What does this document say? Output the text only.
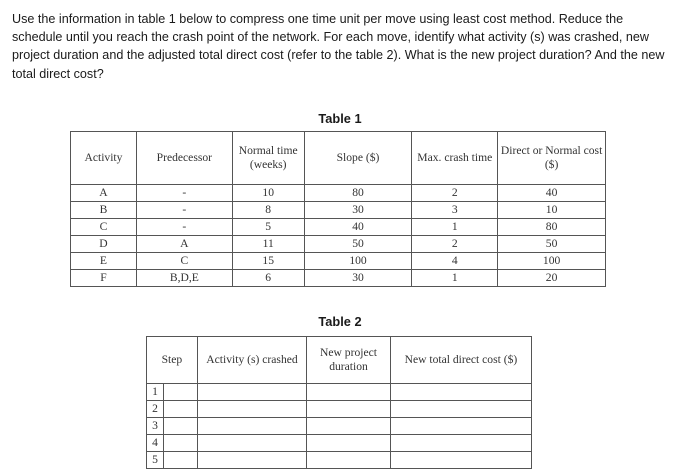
Use the information in table 1 below to compress one time unit per move using least cost method. Reduce the schedule until you reach the crash point of the network. For each move, identify what activity (s) was crashed, new project duration and the adjusted total direct cost (refer to the table 2). What is the new project duration? And the new total direct cost?

Table 1
Activity	Predecessor	Normal time (weeks)	Slope ($)	Max. crash time	Direct or Normal cost ($)
A	-	10	80	2	40
B	-	8	30	3	10
C	-	5	40	1	80
D	A	11	50	2	50
E	C	15	100	4	100
F	B,D,E	6	30	1	20
Table 2
Step		Activity (s) crashed	New project duration	New total direct cost ($)
1				
2				
3				
4				
5				
